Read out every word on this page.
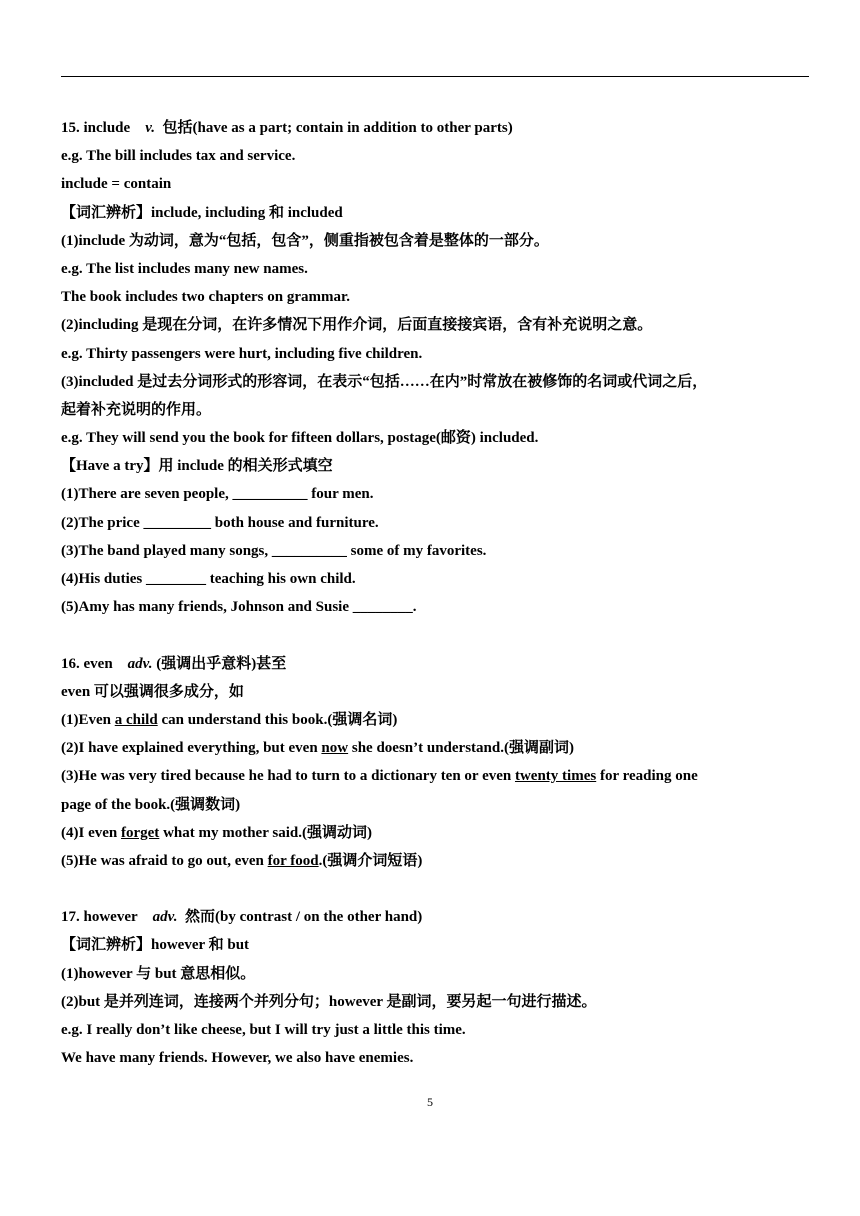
15. include v. 包括(have as a part; contain in addition to other parts)
e.g. The bill includes tax and service.
include = contain
【词汇辨析】include, including 和 included
(1)include 为动词，意为“包括，包含”，侧重指被包含着是整体的一部分。
e.g. The list includes many new names.
The book includes two chapters on grammar.
(2)including 是现在分词，在许多情况下用作介词，后面直接接宾语，含有补充说明之意。
e.g. Thirty passengers were hurt, including five children.
(3)included 是过去分词形式的形容词，在表示“包括……在内”时常放在被修饰的名词或代词之后，
起着补充说明的作用。
e.g. They will send you the book for fifteen dollars, postage(邮资) included.
【Have a try】用 include 的相关形式填空
(1)There are seven people, __________ four men.
(2)The price _________ both house and furniture.
(3)The band played many songs, __________ some of my favorites.
(4)His duties ________ teaching his own child.
(5)Amy has many friends, Johnson and Susie ________.
16. even adv. (强调出乎意料)甚至
even 可以强调很多成分，如
(1)Even a child can understand this book.(强调名词)
(2)I have explained everything, but even now she doesn’t understand.(强调副词)
(3)He was very tired because he had to turn to a dictionary ten or even twenty times for reading one
page of the book.(强调数词)
(4)I even forget what my mother said.(强调动词)
(5)He was afraid to go out, even for food.(强调介词短语)
17. however adv. 然而(by contrast / on the other hand)
【词汇辨析】however 和 but
(1)however 与 but 意思相似。
(2)but 是并列连词，连接两个并列分句；however 是副词，要另起一句进行描述。
e.g. I really don’t like cheese, but I will try just a little this time.
We have many friends. However, we also have enemies.
5
